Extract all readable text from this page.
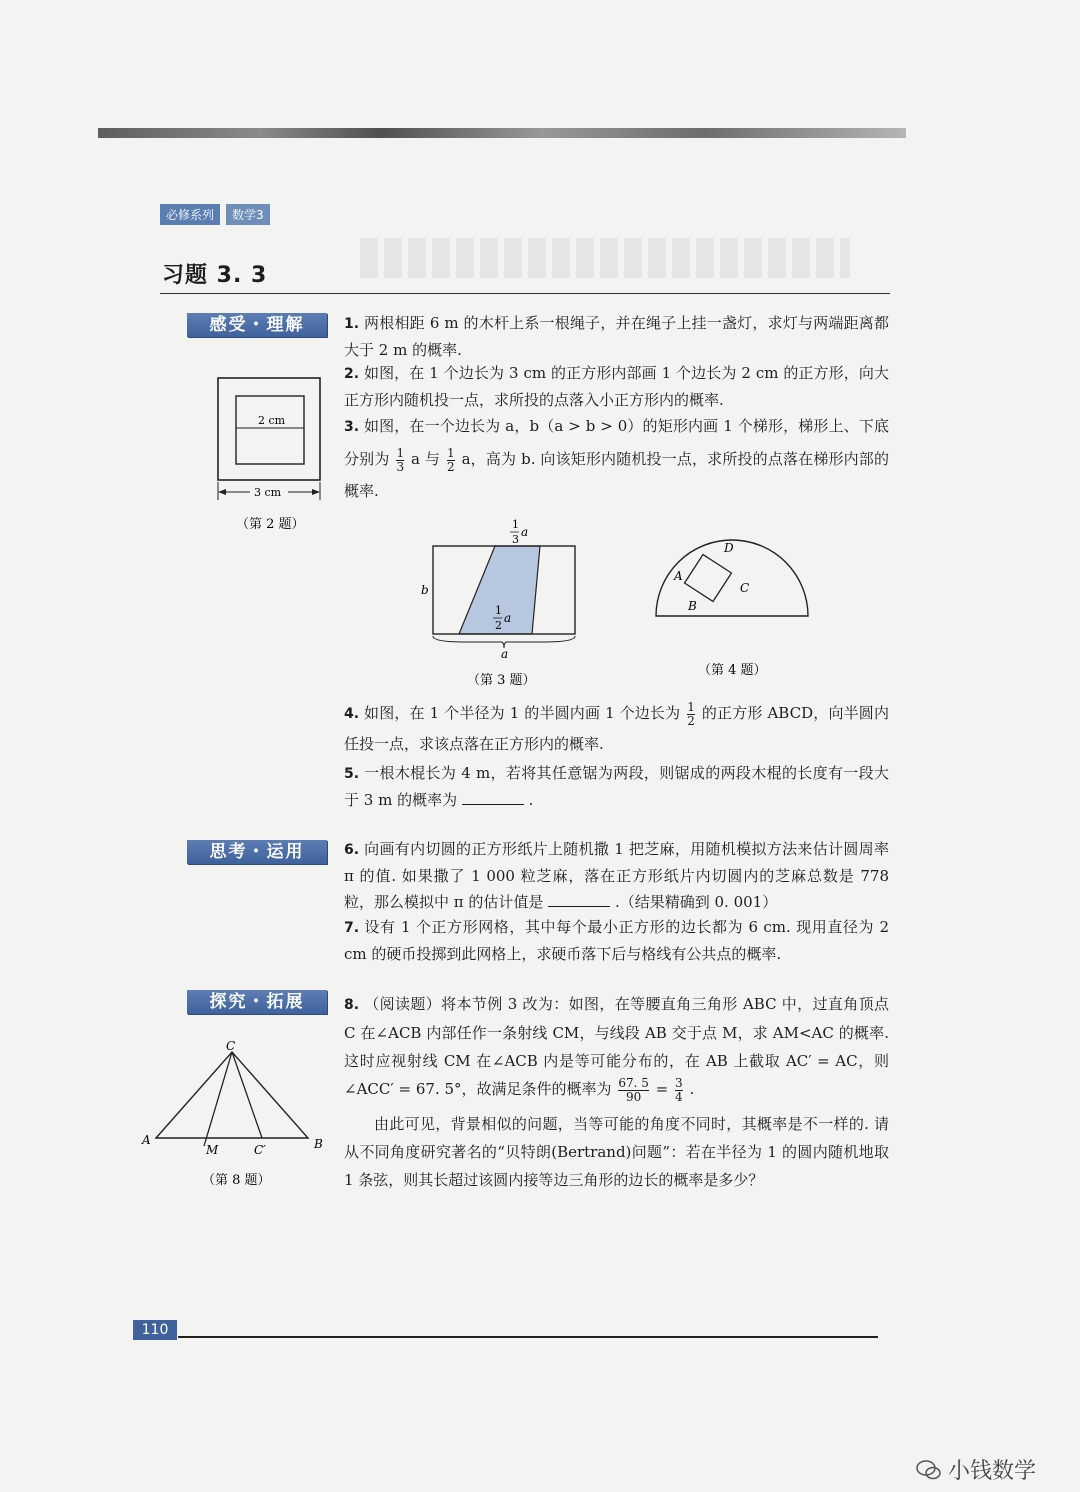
必修系列	数学3
习题 3. 3
感受・理解	1. 两根相距 6 m 的木杆上系一根绳子，并在绳子上挂一盏灯，求灯与两端距离都大于 2 m 的概率.
2. 如图，在 1 个边长为 3 cm 的正方形内部画 1 个边长为 2 cm 的正方形，向大正方形内随机投一点，求所投的点落入小正方形内的概率.
3. 如图，在一个边长为 a，b（a > b > 0）的矩形内画 1 个梯形，梯形上、下底分别为 $\frac{1}{3}$ a 与 $\frac{1}{2}$ a，高为 b. 向该矩形内随机投一点，求所投的点落在梯形内部的概率.
2 cm
3 cm
（第 2 题）	1
3
a
b
1
2
a
a
（第 3 题）
A
B
C
D
（第 4 题）
4. 如图，在 1 个半径为 1 的半圆内画 1 个边长为 $\frac{1}{2}$ 的正方形 ABCD，向半圆内任投一点，求该点落在正方形内的概率.
5. 一根木棍长为 4 m，若将其任意锯为两段，则锯成的两段木棍的长度有一段大于 3 m 的概率为	.
思考・运用	6. 向画有内切圆的正方形纸片上随机撒 1 把芝麻，用随机模拟方法来估计圆周率 π 的值. 如果撒了 1 000 粒芝麻，落在正方形纸片内切圆内的芝麻总数是 778 粒，那么模拟中 π 的估计值是	.（结果精确到 0. 001）
7. 设有 1 个正方形网格，其中每个最小正方形的边长都为 6 cm. 现用直径为 2 cm 的硬币投掷到此网格上，求硬币落下后与格线有公共点的概率.
探究・拓展	8. （阅读题）将本节例 3 改为：如图，在等腰直角三角形 ABC 中，过直角顶点 C 在∠ACB 内部任作一条射线 CM，与线段 AB 交于点 M，求 AM<AC 的概率. 这时应视射线 CM 在∠ACB 内是等可能分布的，在 AB 上截取 AC′ = AC，则 ∠ACC′ = 67. 5°，故满足条件的概率为 $\frac{67. 5}{90} = \frac{3}{4}$ .
由此可见，背景相似的问题，当等可能的角度不同时，其概率是不一样的. 请从不同角度研究著名的“贝特朗(Bertrand)问题”：若在半径为 1 的圆内随机地取 1 条弦，则其长超过该圆内接等边三角形的边长的概率是多少？
C
A
M	C′	B
（第 8 题）
110
小钱数学
